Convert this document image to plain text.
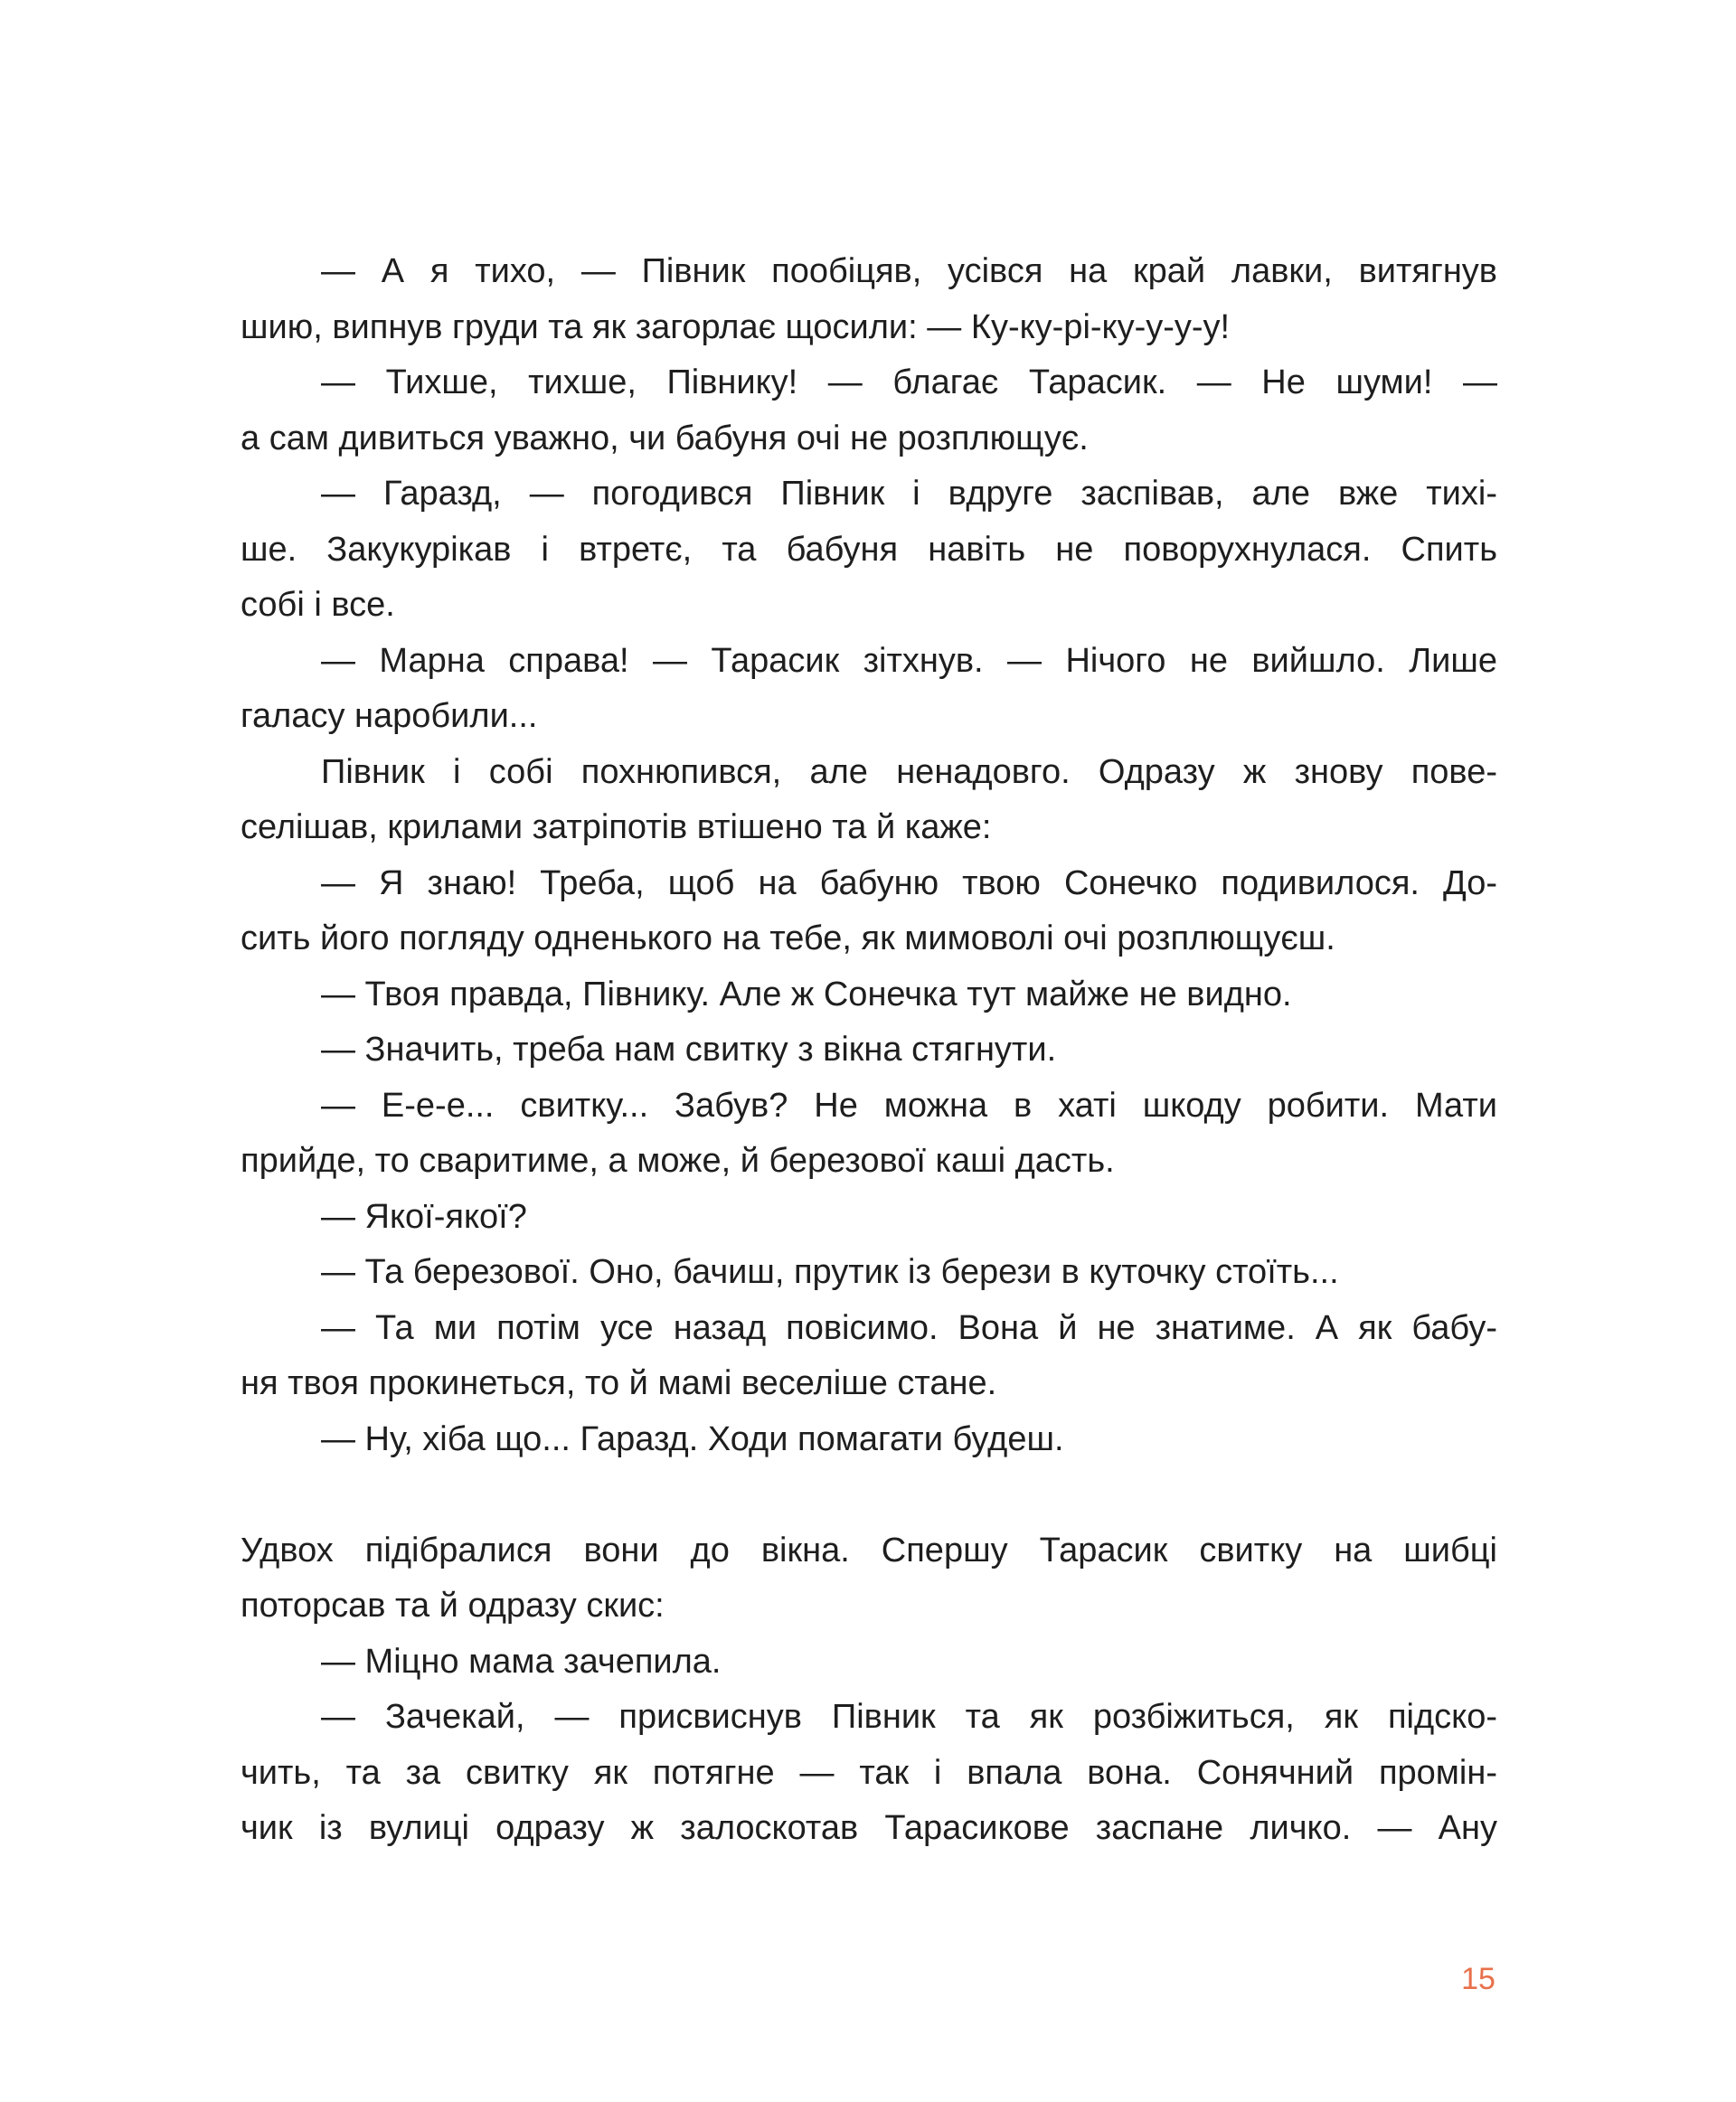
— А я тихо, — Півник пообіцяв, усівся на край лавки, витягнув
шию, випнув груди та як загорлає щосили: — Ку-ку-рі-ку-у-у-у!
— Тихше, тихше, Півнику! — благає Тарасик. — Не шуми! —
а сам дивиться уважно, чи бабуня очі не розплющує.
— Гаразд, — погодився Півник і вдруге заспівав, але вже тихі-
ше. Закукурікав і втретє, та бабуня навіть не поворухнулася. Спить
собі і все.
— Марна справа! — Тарасик зітхнув. — Нічого не вийшло. Лише
галасу наробили...
Півник і собі похнюпився, але ненадовго. Одразу ж знову пове-
селішав, крилами затріпотів втішено та й каже:
— Я знаю! Треба, щоб на бабуню твою Сонечко подивилося. До-
сить його погляду одненького на тебе, як мимоволі очі розплющуєш.
— Твоя правда, Півнику. Але ж Сонечка тут майже не видно.
— Значить, треба нам свитку з вікна стягнути.
— Е-е-е... свитку... Забув? Не можна в хаті шкоду робити. Мати
прийде, то сваритиме, а може, й березової каші дасть.
— Якої-якої?
— Та березової. Оно, бачиш, прутик із берези в куточку стоїть...
— Та ми потім усе назад повісимо. Вона й не знатиме. А як бабу-
ня твоя прокинеться, то й мамі веселіше стане.
— Ну, хіба що... Гаразд. Ходи помагати будеш.
Удвох підібралися вони до вікна. Спершу Тарасик свитку на шибці
поторсав та й одразу скис:
— Міцно мама зачепила.
— Зачекай, — присвиснув Півник та як розбіжиться, як підско-
чить, та за свитку як потягне — так і впала вона. Сонячний промін-
чик із вулиці одразу ж залоскотав Тарасикове заспане личко. — Ану
15
